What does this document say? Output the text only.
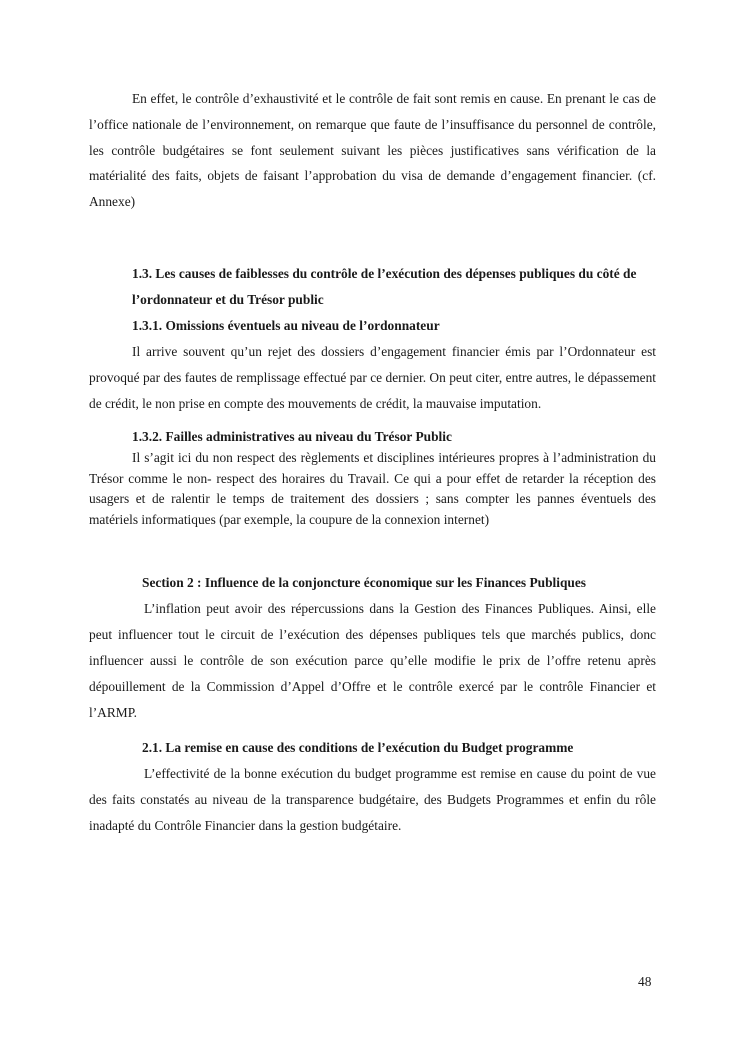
En effet, le contrôle d’exhaustivité et le contrôle de fait sont remis en cause. En prenant le cas de l’office nationale de l’environnement, on remarque que faute de l’insuffisance du personnel de contrôle, les contrôle budgétaires se font seulement suivant les pièces justificatives sans vérification de la matérialité des faits, objets de faisant l’approbation du visa de demande d’engagement financier. (cf. Annexe)

1.3. Les causes de faiblesses du contrôle de l’exécution des dépenses publiques du côté de l’ordonnateur et du Trésor public

1.3.1. Omissions éventuels au niveau de l’ordonnateur

Il arrive souvent qu’un rejet des dossiers d’engagement financier émis par l’Ordonnateur est provoqué par des fautes de remplissage effectué par ce dernier. On peut citer, entre autres, le dépassement de crédit, le non prise en compte des mouvements de crédit, la mauvaise imputation.

1.3.2. Failles administratives au niveau du Trésor Public

Il s’agit ici du non respect des règlements et disciplines intérieures propres à l’administration du Trésor comme le non- respect des horaires du Travail. Ce qui a pour effet de retarder la réception des usagers et de ralentir le temps de traitement des dossiers ; sans compter les pannes éventuels des matériels informatiques (par exemple, la coupure de la connexion internet)

Section 2 : Influence de la conjoncture économique sur les Finances Publiques

L’inflation peut avoir des répercussions dans la Gestion des Finances Publiques. Ainsi, elle peut influencer tout le circuit de l’exécution des dépenses publiques tels que marchés publics, donc influencer aussi le contrôle de son exécution parce qu’elle modifie le prix de l’offre retenu après dépouillement de la Commission d’Appel d’Offre et le contrôle exercé par le contrôle Financier et l’ARMP.

2.1. La remise en cause des conditions de l’exécution du Budget programme

L’effectivité de la bonne exécution du budget programme est remise en cause du point de vue des faits constatés au niveau de la transparence budgétaire, des Budgets Programmes et enfin du rôle inadapté du Contrôle Financier dans la gestion budgétaire.

48
